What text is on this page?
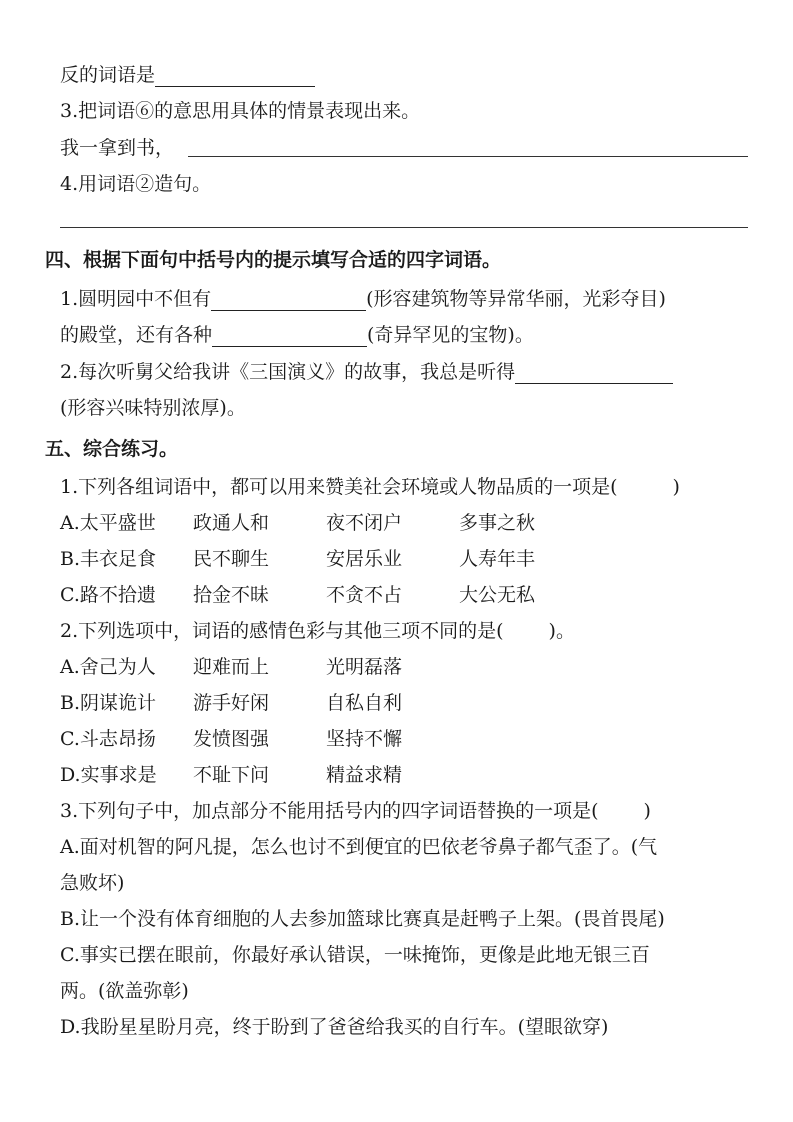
反的词语是
3.把词语⑥的意思用具体的情景表现出来。
我一拿到书，
4.用词语②造句。
四、根据下面句中括号内的提示填写合适的四字词语。
1.圆明园中不但有	(形容建筑物等异常华丽，光彩夺目)
的殿堂，还有各种	(奇异罕见的宝物)。
2.每次听舅父给我讲《三国演义》的故事，我总是听得
(形容兴味特别浓厚)。
五、综合练习。
1.下列各组词语中，都可以用来赞美社会环境或人物品质的一项是(	)
A.太平盛世 政通人和	夜不闭户	多事之秋
B.丰衣足食 民不聊生	安居乐业	人寿年丰
C.路不拾遗 拾金不昧	不贪不占	大公无私
2.下列选项中，词语的感情色彩与其他三项不同的是( )。
A.舍己为人 迎难而上	光明磊落
B.阴谋诡计 游手好闲	自私自利
C.斗志昂扬 发愤图强	坚持不懈
D.实事求是 不耻下问	精益求精
3.下列句子中，加点部分不能用括号内的四字词语替换的一项是( )
A.面对机智的阿凡提，怎么也讨不到便宜的巴依老爷鼻子都气歪了。(气
急败坏)
B.让一个没有体育细胞的人去参加篮球比赛真是赶鸭子上架。(畏首畏尾)
C.事实已摆在眼前，你最好承认错误，一味掩饰，更像是此地无银三百
两。(欲盖弥彰)
D.我盼星星盼月亮，终于盼到了爸爸给我买的自行车。(望眼欲穿)
